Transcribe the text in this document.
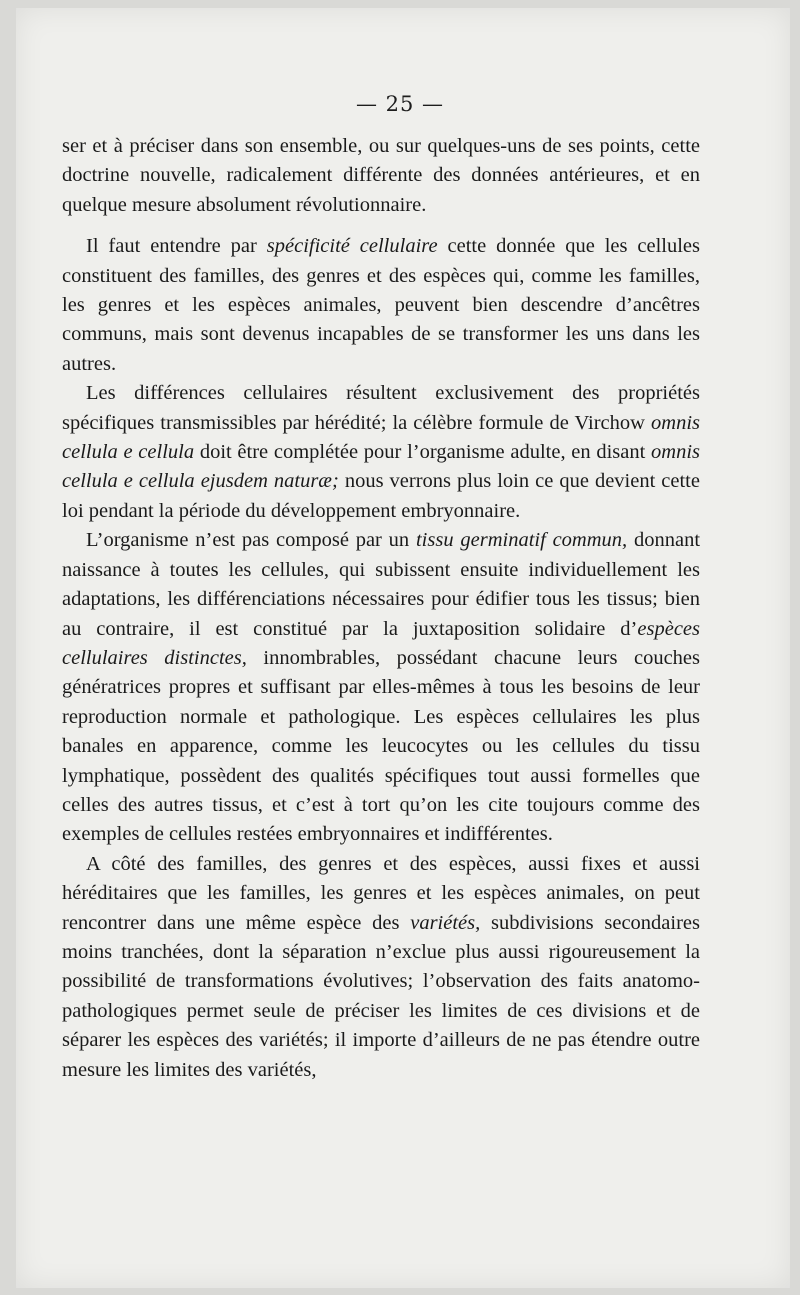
— 25 —

ser et à préciser dans son ensemble, ou sur quelques-uns de ses points, cette doctrine nouvelle, radicalement différente des données antérieures, et en quelque mesure absolument révolutionnaire.

Il faut entendre par spécificité cellulaire cette donnée que les cellules constituent des familles, des genres et des espèces qui, comme les familles, les genres et les espèces animales, peuvent bien descendre d’ancêtres communs, mais sont devenus incapables de se transformer les uns dans les autres.

Les différences cellulaires résultent exclusivement des propriétés spécifiques transmissibles par hérédité; la célèbre formule de Virchow omnis cellula e cellula doit être complétée pour l’organisme adulte, en disant omnis cellula e cellula ejusdem naturæ; nous verrons plus loin ce que devient cette loi pendant la période du développement embryonnaire.

L’organisme n’est pas composé par un tissu germinatif commun, donnant naissance à toutes les cellules, qui subissent ensuite individuellement les adaptations, les différenciations nécessaires pour édifier tous les tissus; bien au contraire, il est constitué par la juxtaposition solidaire d’espèces cellulaires distinctes, innombrables, possédant chacune leurs couches génératrices propres et suffisant par elles-mêmes à tous les besoins de leur reproduction normale et pathologique. Les espèces cellulaires les plus banales en apparence, comme les leucocytes ou les cellules du tissu lymphatique, possèdent des qualités spécifiques tout aussi formelles que celles des autres tissus, et c’est à tort qu’on les cite toujours comme des exemples de cellules restées embryonnaires et indifférentes.

A côté des familles, des genres et des espèces, aussi fixes et aussi héréditaires que les familles, les genres et les espèces animales, on peut rencontrer dans une même espèce des variétés, subdivisions secondaires moins tranchées, dont la séparation n’exclue plus aussi rigoureusement la possibilité de transformations évolutives; l’observation des faits anatomo-pathologiques permet seule de préciser les limites de ces divisions et de séparer les espèces des variétés; il importe d’ailleurs de ne pas étendre outre mesure les limites des variétés,
